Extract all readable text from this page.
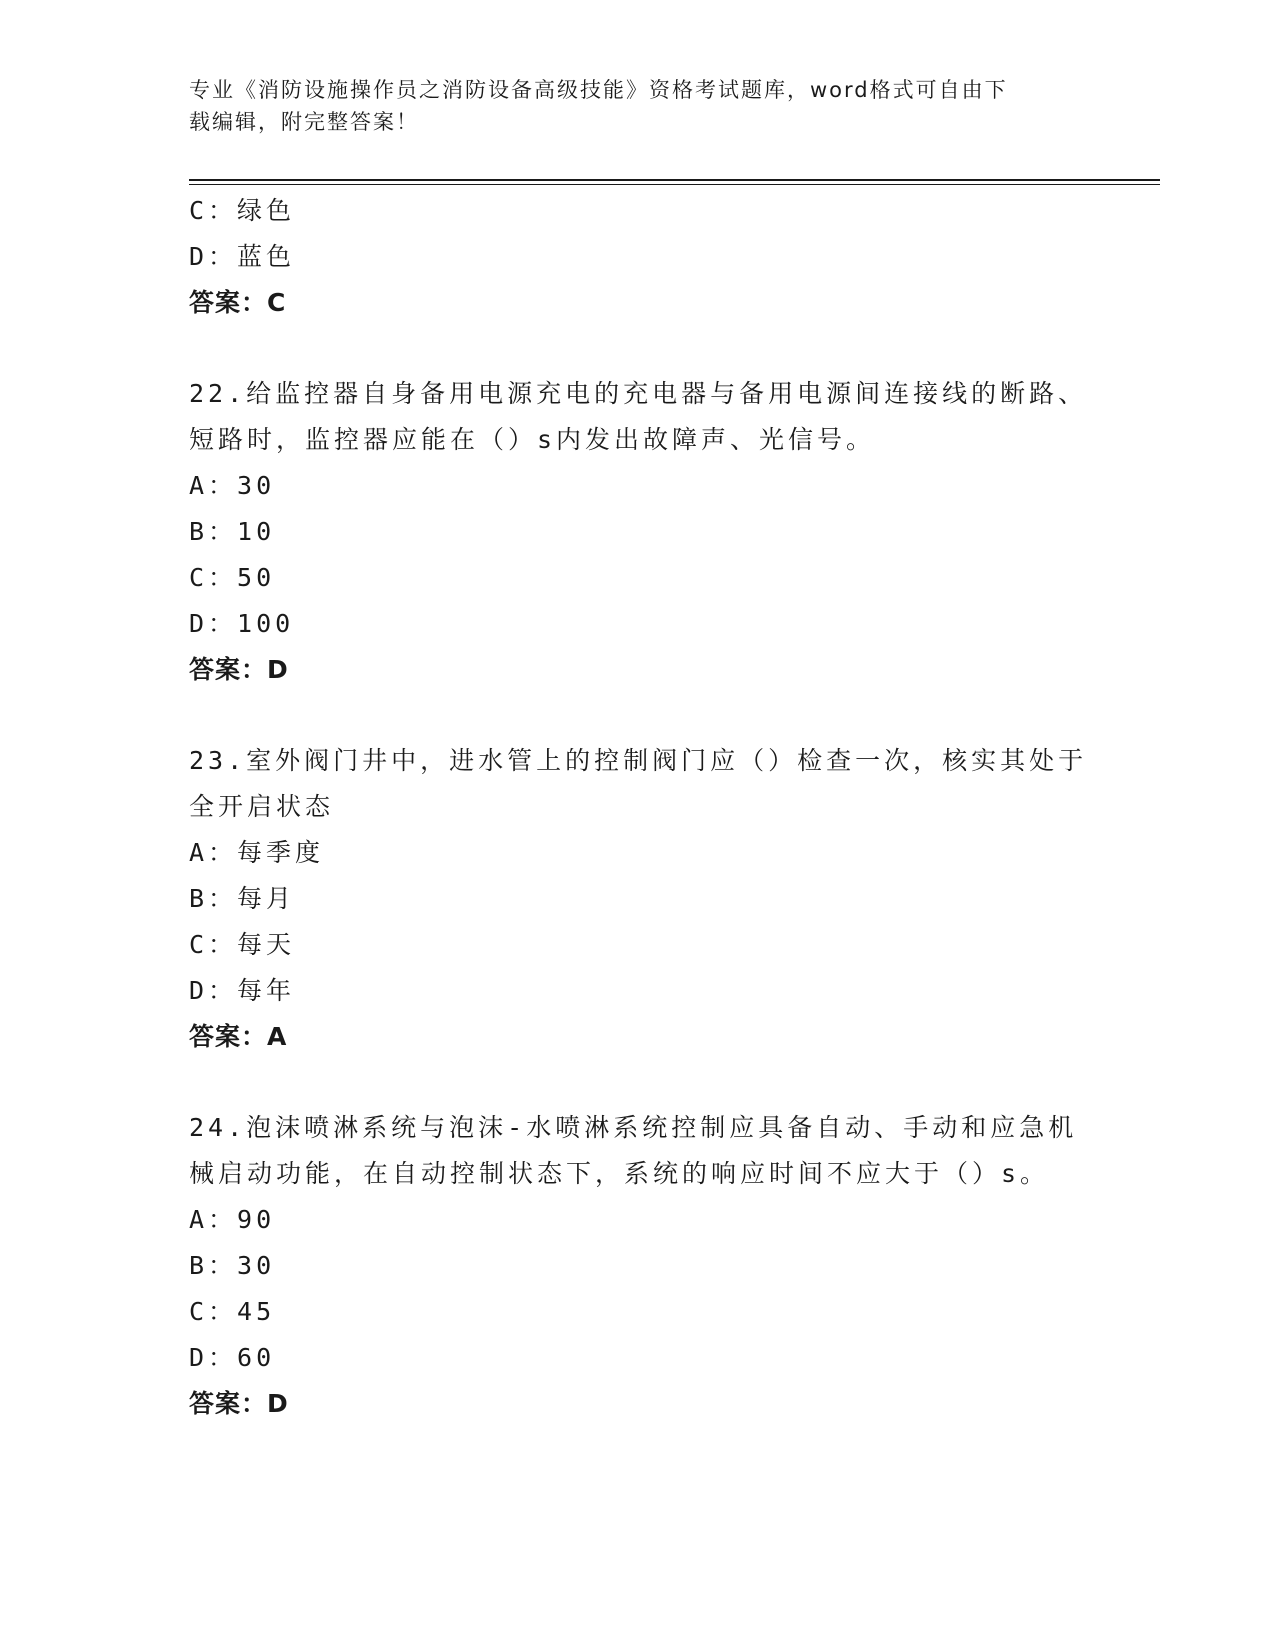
专业《消防设施操作员之消防设备高级技能》资格考试题库，word格式可自由下
载编辑，附完整答案！
C：绿色
D：蓝色
答案：C
22.给监控器自身备用电源充电的充电器与备用电源间连接线的断路、
短路时，监控器应能在（）s内发出故障声、光信号。
A：30
B：10
C：50
D：100
答案：D
23.室外阀门井中，进水管上的控制阀门应（）检查一次，核实其处于
全开启状态
A：每季度
B：每月
C：每天
D：每年
答案：A
24.泡沫喷淋系统与泡沫-水喷淋系统控制应具备自动、手动和应急机
械启动功能，在自动控制状态下，系统的响应时间不应大于（）s。
A：90
B：30
C：45
D：60
答案：D
